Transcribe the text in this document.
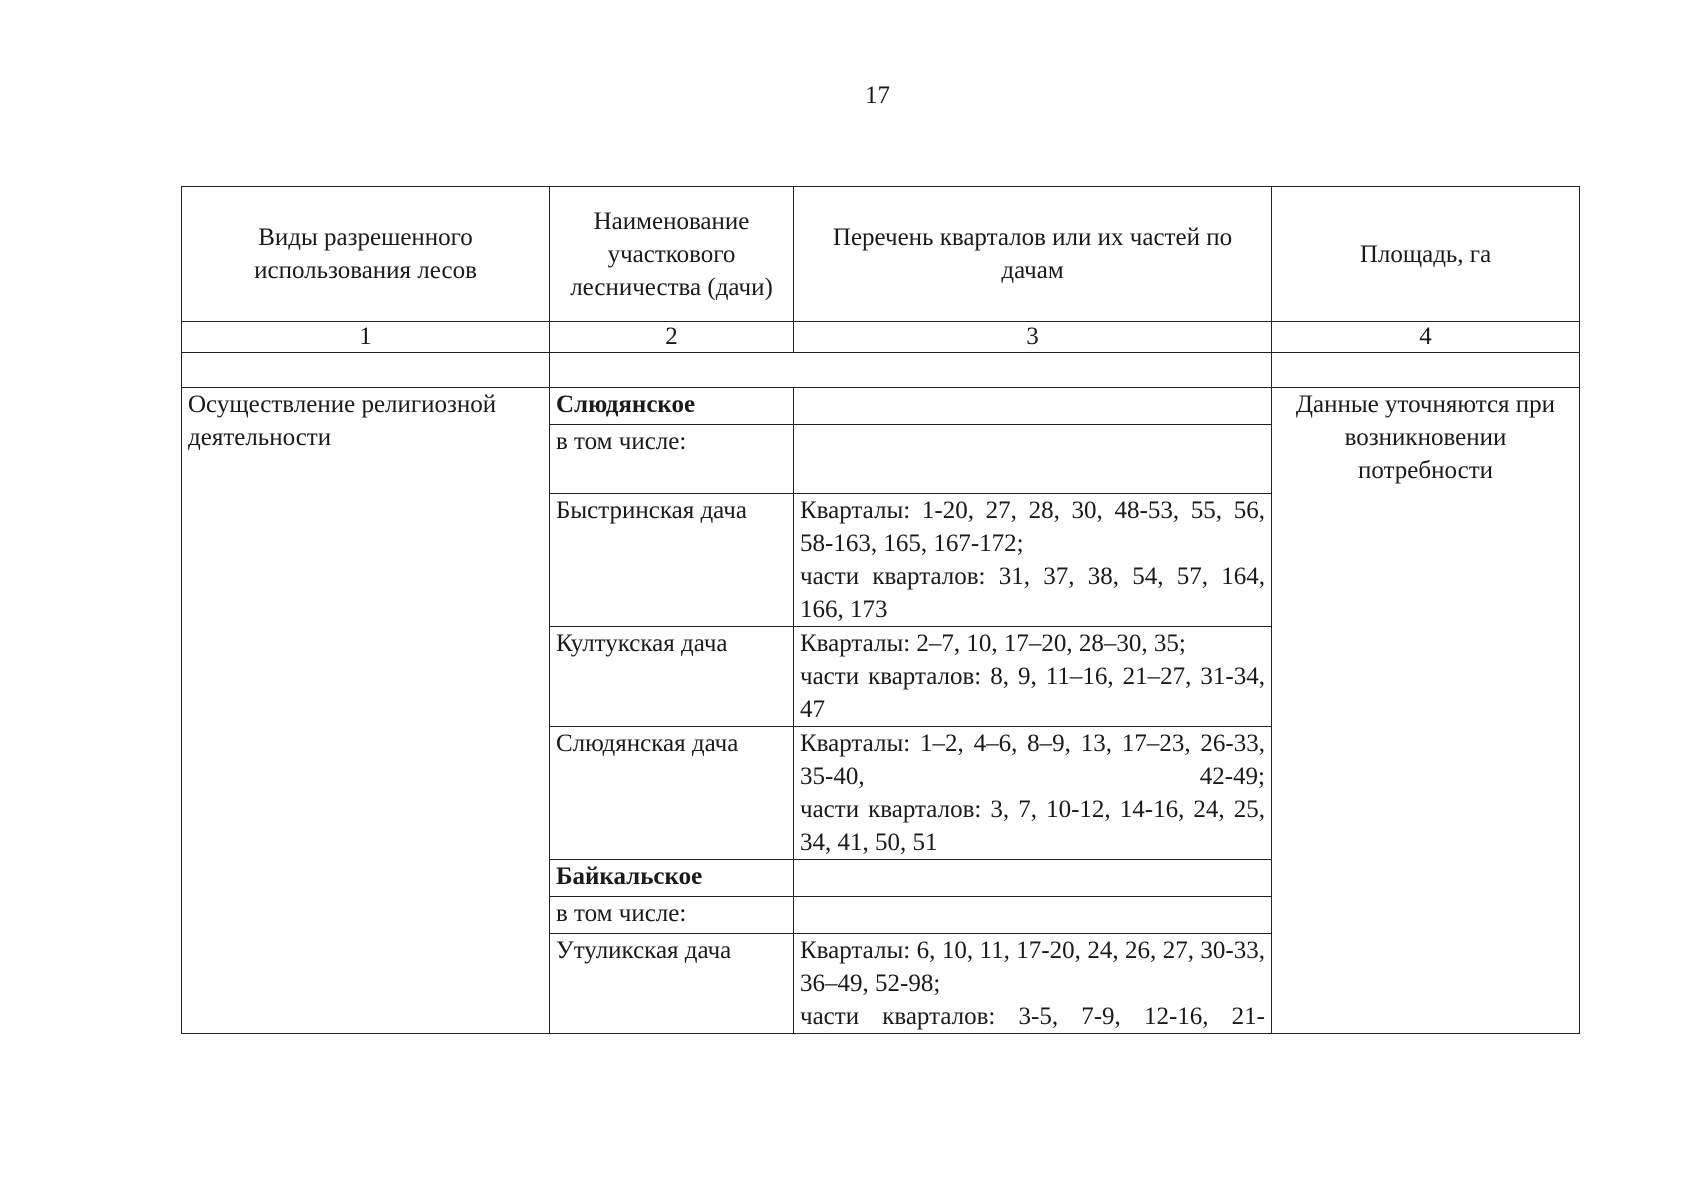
17
Виды разрешенного использования лесов	Наименование участкового лесничества (дачи)	Перечень кварталов или их частей по дачам	Площадь, га
1	2	3	4

Осуществление религиозной деятельности	Слюдянское		Данные уточняются при возникновении потребности
	в том числе:		
	Быстринская дача	Кварталы: 1-20, 27, 28, 30, 48-53, 55, 56, 58-163, 165, 167-172;
части кварталов: 31, 37, 38, 54, 57, 164, 166, 173	

	Култукская дача	Кварталы: 2–7, 10, 17–20, 28–30, 35;
части кварталов: 8, 9, 11–16, 21–27, 31-34, 47	

	Слюдянская дача	Кварталы: 1–2, 4–6, 8–9, 13, 17–23, 26-33, 35-40, 42-49;
части кварталов: 3, 7, 10-12, 14-16, 24, 25, 34, 41, 50, 51	

	Байкальское		
	в том числе:		
	Утуликская дача	Кварталы: 6, 10, 11, 17-20, 24, 26, 27, 30-33, 36–49, 52-98;
части кварталов: 3-5, 7-9, 12-16, 21-	
